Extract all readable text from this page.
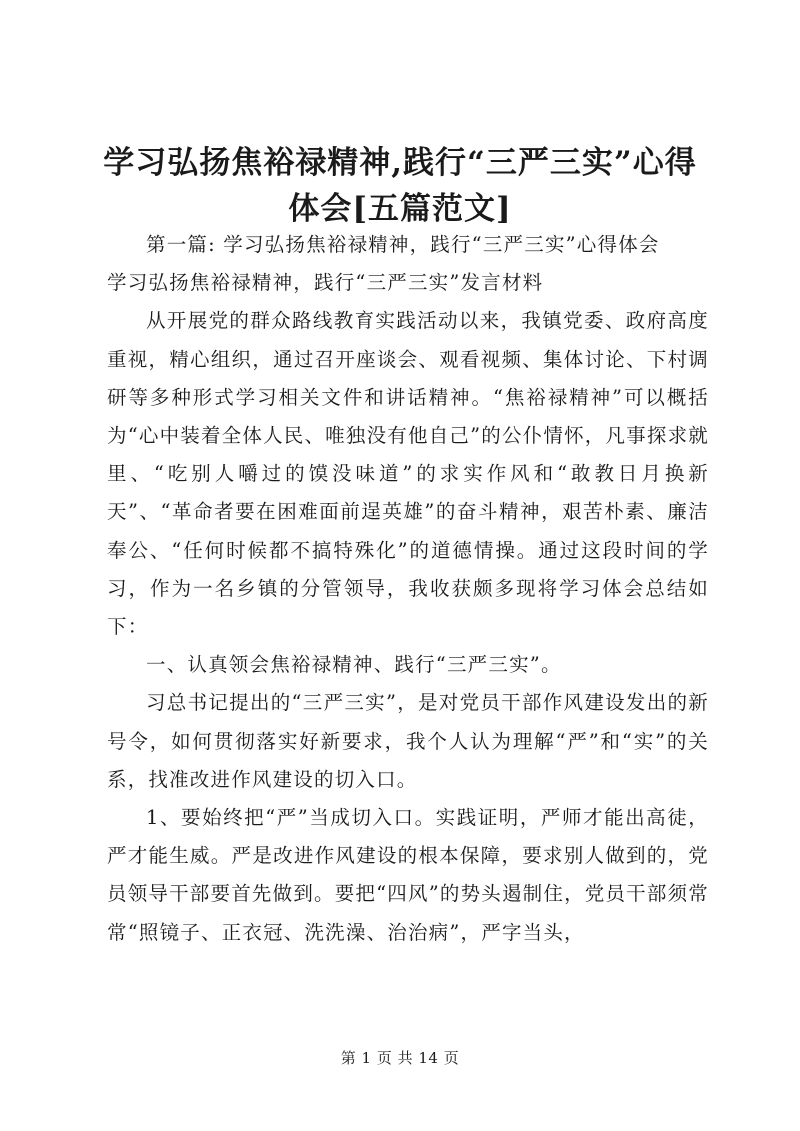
学习弘扬焦裕禄精神,践行“三严三实”心得
体会[五篇范文]

第一篇: 学习弘扬焦裕禄精神，践行“三严三实”心得体会

学习弘扬焦裕禄精神，践行“三严三实”发言材料

从开展党的群众路线教育实践活动以来，我镇党委、政府高度重视，精心组织，通过召开座谈会、观看视频、集体讨论、下村调研等多种形式学习相关文件和讲话精神。“焦裕禄精神”可以概括为“心中装着全体人民、唯独没有他自己”的公仆情怀，凡事探求就里、“吃别人嚼过的馍没味道”的求实作风和“敢教日月换新天”、“革命者要在困难面前逞英雄”的奋斗精神，艰苦朴素、廉洁奉公、“任何时候都不搞特殊化”的道德情操。通过这段时间的学习，作为一名乡镇的分管领导，我收获颇多现将学习体会总结如下：

一、认真领会焦裕禄精神、践行“三严三实”。

习总书记提出的“三严三实”，是对党员干部作风建设发出的新号令，如何贯彻落实好新要求，我个人认为理解“严”和“实”的关系，找准改进作风建设的切入口。

1、要始终把“严”当成切入口。实践证明，严师才能出高徒，严才能生威。严是改进作风建设的根本保障，要求别人做到的，党员领导干部要首先做到。要把“四风”的势头遏制住，党员干部须常常“照镜子、正衣冠、洗洗澡、治治病”，严字当头，

第 1 页 共 14 页
